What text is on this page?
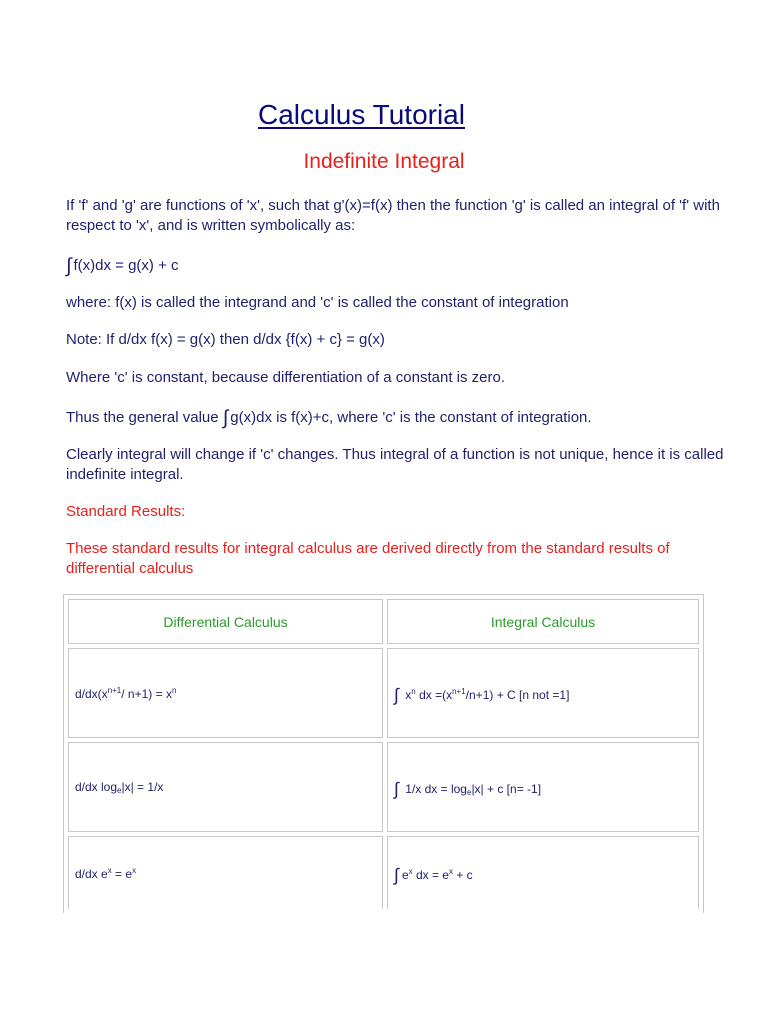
Calculus Tutorial
Indefinite Integral
If 'f' and 'g' are functions of 'x', such that g'(x)=f(x) then the function 'g' is called an integral of 'f' with respect to 'x', and is written symbolically as:
∫ f(x)dx = g(x) + c
where: f(x) is called the integrand and 'c' is called the constant of integration
Note: If d/dx f(x) = g(x) then d/dx {f(x) + c} = g(x)
Where 'c' is constant, because differentiation of a constant is zero.
Thus the general value ∫ g(x)dx is f(x)+c, where 'c' is the constant of integration.
Clearly integral will change if 'c' changes. Thus integral of a function is not unique, hence it is called indefinite integral.
Standard Results:
These standard results for integral calculus are derived directly from the standard results of differential calculus
Differential Calculus	Integral Calculus
$d/dx(x^{n+1}/$ $n+1) = x^n$	∫ $x^n$ dx $=(x^{n+1}/n+1) + C$ [n not =1]
d/dx $\log_e|x| = 1/x$	∫ 1/x dx = $\log_e|x| + c$ [n= -1]
d/dx $e^x = e^x$	∫ $e^x$ dx = $e^x + c$
